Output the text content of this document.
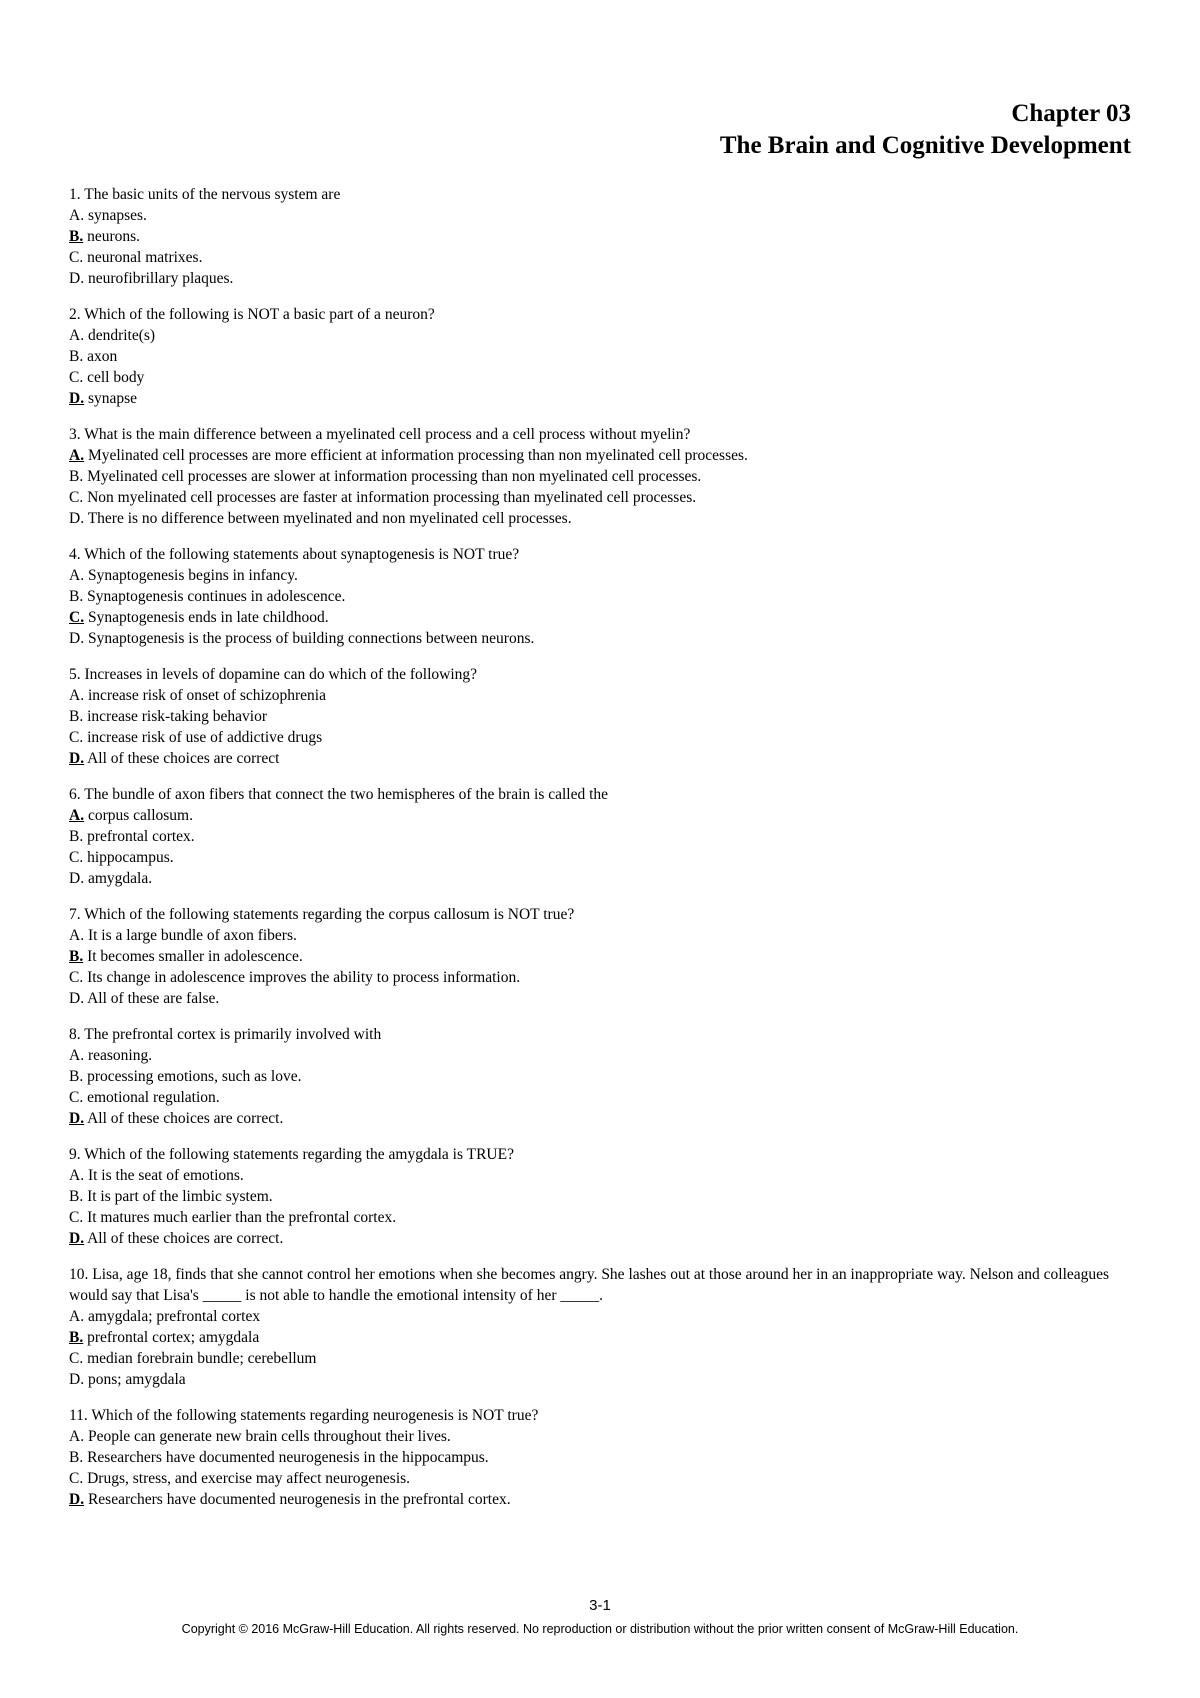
Chapter 03
The Brain and Cognitive Development
1. The basic units of the nervous system are
A. synapses.
B. neurons.
C. neuronal matrixes.
D. neurofibrillary plaques.
2. Which of the following is NOT a basic part of a neuron?
A. dendrite(s)
B. axon
C. cell body
D. synapse
3. What is the main difference between a myelinated cell process and a cell process without myelin?
A. Myelinated cell processes are more efficient at information processing than non myelinated cell processes.
B. Myelinated cell processes are slower at information processing than non myelinated cell processes.
C. Non myelinated cell processes are faster at information processing than myelinated cell processes.
D. There is no difference between myelinated and non myelinated cell processes.
4. Which of the following statements about synaptogenesis is NOT true?
A. Synaptogenesis begins in infancy.
B. Synaptogenesis continues in adolescence.
C. Synaptogenesis ends in late childhood.
D. Synaptogenesis is the process of building connections between neurons.
5. Increases in levels of dopamine can do which of the following?
A. increase risk of onset of schizophrenia
B. increase risk-taking behavior
C. increase risk of use of addictive drugs
D. All of these choices are correct
6. The bundle of axon fibers that connect the two hemispheres of the brain is called the
A. corpus callosum.
B. prefrontal cortex.
C. hippocampus.
D. amygdala.
7. Which of the following statements regarding the corpus callosum is NOT true?
A. It is a large bundle of axon fibers.
B. It becomes smaller in adolescence.
C. Its change in adolescence improves the ability to process information.
D. All of these are false.
8. The prefrontal cortex is primarily involved with
A. reasoning.
B. processing emotions, such as love.
C. emotional regulation.
D. All of these choices are correct.
9. Which of the following statements regarding the amygdala is TRUE?
A. It is the seat of emotions.
B. It is part of the limbic system.
C. It matures much earlier than the prefrontal cortex.
D. All of these choices are correct.
10. Lisa, age 18, finds that she cannot control her emotions when she becomes angry. She lashes out at those around her in an inappropriate way. Nelson and colleagues would say that Lisa's _____ is not able to handle the emotional intensity of her _____.
A. amygdala; prefrontal cortex
B. prefrontal cortex; amygdala
C. median forebrain bundle; cerebellum
D. pons; amygdala
11. Which of the following statements regarding neurogenesis is NOT true?
A. People can generate new brain cells throughout their lives.
B. Researchers have documented neurogenesis in the hippocampus.
C. Drugs, stress, and exercise may affect neurogenesis.
D. Researchers have documented neurogenesis in the prefrontal cortex.
3-1
Copyright © 2016 McGraw-Hill Education. All rights reserved. No reproduction or distribution without the prior written consent of McGraw-Hill Education.
